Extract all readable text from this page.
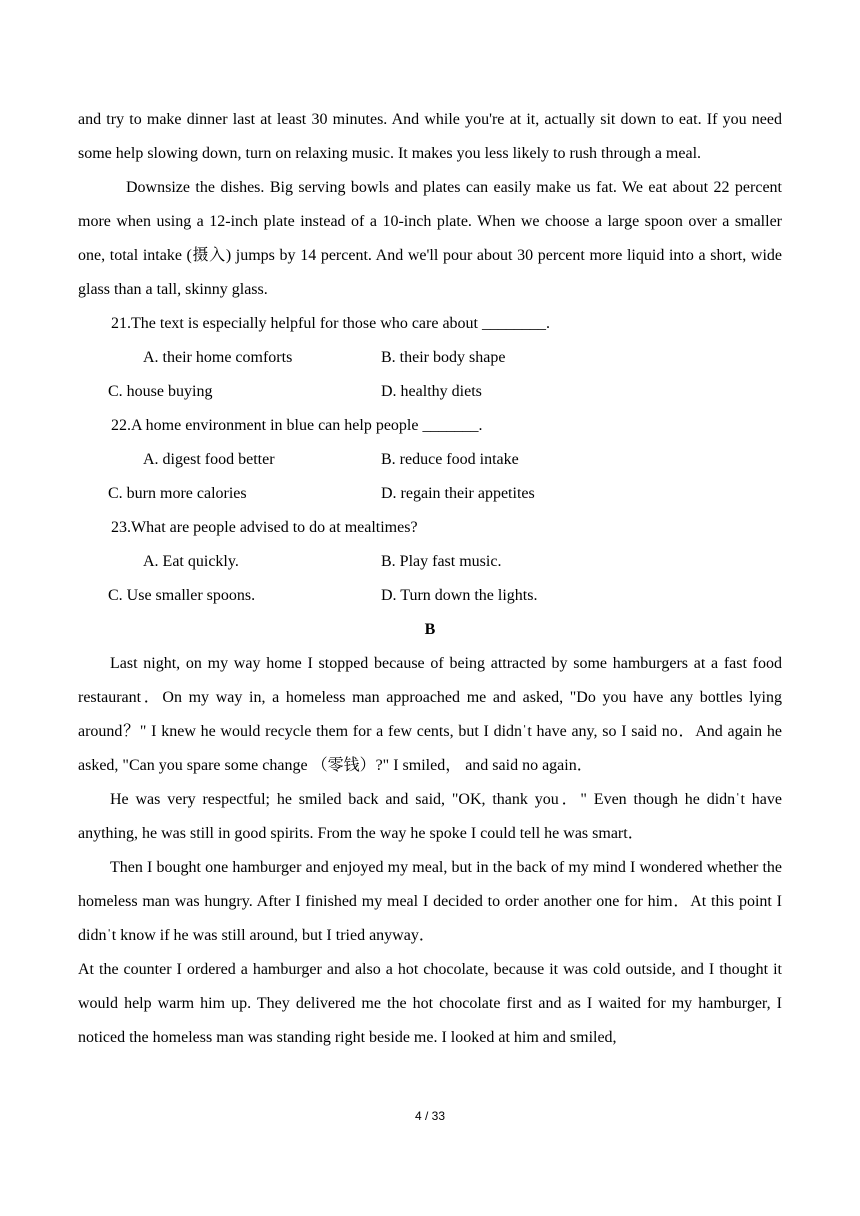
and try to make dinner last at least 30 minutes. And while you're at it, actually sit down to eat. If you need some help slowing down, turn on relaxing music. It makes you less likely to rush through a meal.

Downsize the dishes. Big serving bowls and plates can easily make us fat. We eat about 22 percent more when using a 12-inch plate instead of a 10-inch plate. When we choose a large spoon over a smaller one, total intake (摄入) jumps by 14 percent. And we'll pour about 30 percent more liquid into a short, wide glass than a tall, skinny glass.

21.The text is especially helpful for those who care about ________.

A. their home comforts	B. their body shape
C. house buying	D. healthy diets

22.A home environment in blue can help people _______.

A. digest food better	B. reduce food intake
C. burn more calories	D. regain their appetites

23.What are people advised to do at mealtimes?

A. Eat quickly.	B. Play fast music.
C. Use smaller spoons.	D. Turn down the lights.

B

Last night, on my way home I stopped because of being attracted by some hamburgers at a fast food restaurant．On my way in, a homeless man approached me and asked, "Do you have any bottles lying around？" I knew he would recycle them for a few cents, but I didnˈt have any, so I said no．And again he asked, "Can you spare some change （零钱）?" I smiled， and said no again．

He was very respectful; he smiled back and said, "OK, thank you．" Even though he didnˈt have anything, he was still in good spirits. From the way he spoke I could tell he was smart．

Then I bought one hamburger and enjoyed my meal, but in the back of my mind I wondered whether the homeless man was hungry. After I finished my meal I decided to order another one for him．At this point I didnˈt know if he was still around, but I tried anyway．

At the counter I ordered a hamburger and also a hot chocolate, because it was cold outside, and I thought it would help warm him up. They delivered me the hot chocolate first and as I waited for my hamburger, I noticed the homeless man was standing right beside me. I looked at him and smiled,

4 / 33
